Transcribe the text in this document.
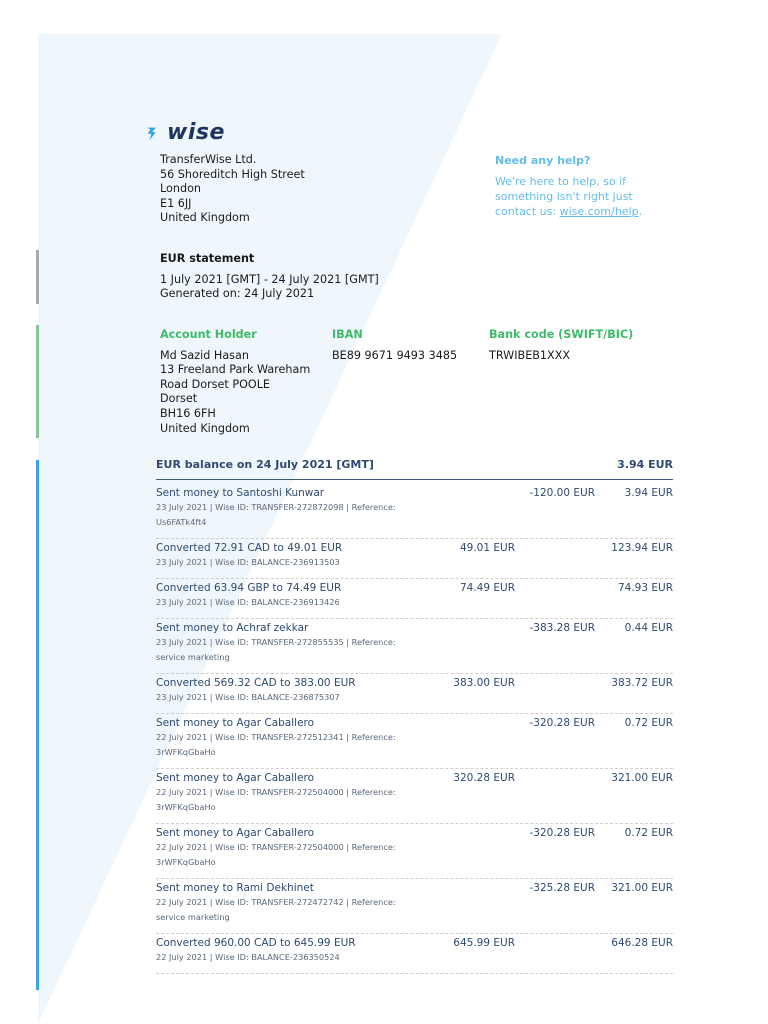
wise
TransferWise Ltd.
56 Shoreditch High Street
London
E1 6JJ
United Kingdom
Need any help?
We're here to help, so if something isn't right just contact us: wise.com/help.
EUR statement
1 July 2021 [GMT] - 24 July 2021 [GMT]
Generated on: 24 July 2021
Account Holder
Md Sazid Hasan
13 Freeland Park Wareham
Road Dorset POOLE
Dorset
BH16 6FH
United Kingdom
IBAN
BE89 9671 9493 3485
Bank code (SWIFT/BIC)
TRWIBEB1XXX
EUR balance on 24 July 2021 [GMT]	3.94 EUR
Sent money to Santoshi Kunwar
23 July 2021 | Wise ID: TRANSFER-272872098 | Reference: Us6FATk4ft4
-120.00 EUR	3.94 EUR
Converted 72.91 CAD to 49.01 EUR
23 July 2021 | Wise ID: BALANCE-236913503
49.01 EUR	123.94 EUR
Converted 63.94 GBP to 74.49 EUR
23 July 2021 | Wise ID: BALANCE-236913426
74.49 EUR	74.93 EUR
Sent money to Achraf zekkar
23 July 2021 | Wise ID: TRANSFER-272855535 | Reference: service marketing
-383.28 EUR	0.44 EUR
Converted 569.32 CAD to 383.00 EUR
23 July 2021 | Wise ID: BALANCE-236875307
383.00 EUR	383.72 EUR
Sent money to Agar Caballero
22 July 2021 | Wise ID: TRANSFER-272512341 | Reference: 3rWFKqGbaHo
-320.28 EUR	0.72 EUR
Sent money to Agar Caballero
22 July 2021 | Wise ID: TRANSFER-272504000 | Reference: 3rWFKqGbaHo
320.28 EUR	321.00 EUR
Sent money to Agar Caballero
22 July 2021 | Wise ID: TRANSFER-272504000 | Reference: 3rWFKqGbaHo
-320.28 EUR	0.72 EUR
Sent money to Rami Dekhinet
22 July 2021 | Wise ID: TRANSFER-272472742 | Reference: service marketing
-325.28 EUR 321.00 EUR
Converted 960.00 CAD to 645.99 EUR
22 July 2021 | Wise ID: BALANCE-236350524
645.99 EUR	646.28 EUR
